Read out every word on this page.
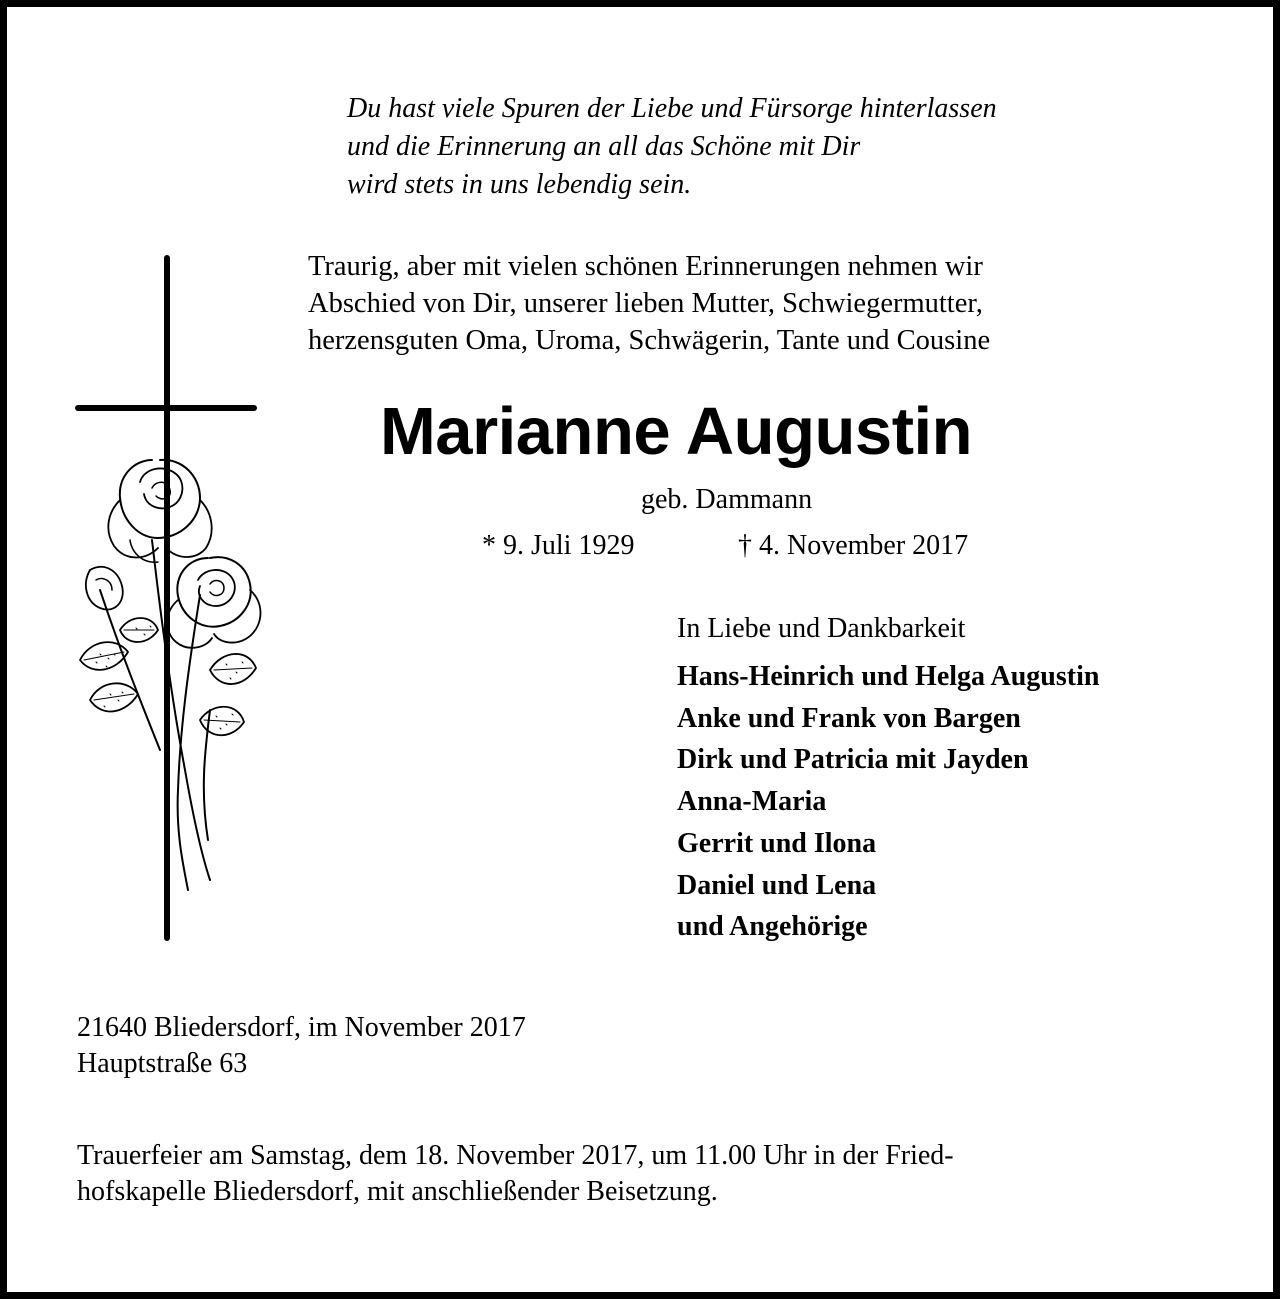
Du hast viele Spuren der Liebe und Fürsorge hinterlassen
und die Erinnerung an all das Schöne mit Dir
wird stets in uns lebendig sein.
Traurig, aber mit vielen schönen Erinnerungen nehmen wir
Abschied von Dir, unserer lieben Mutter, Schwiegermutter,
herzensguten Oma, Uroma, Schwägerin, Tante und Cousine
Marianne Augustin
geb. Dammann
* 9. Juli 1929	† 4. November 2017
In Liebe und Dankbarkeit
Hans-Heinrich und Helga Augustin
Anke und Frank von Bargen
Dirk und Patricia mit Jayden
Anna-Maria
Gerrit und Ilona
Daniel und Lena
und Angehörige
21640 Bliedersdorf, im November 2017
Hauptstraße 63
Trauerfeier am Samstag, dem 18. November 2017, um 11.00 Uhr in der Fried-
hofskapelle Bliedersdorf, mit anschließender Beisetzung.
